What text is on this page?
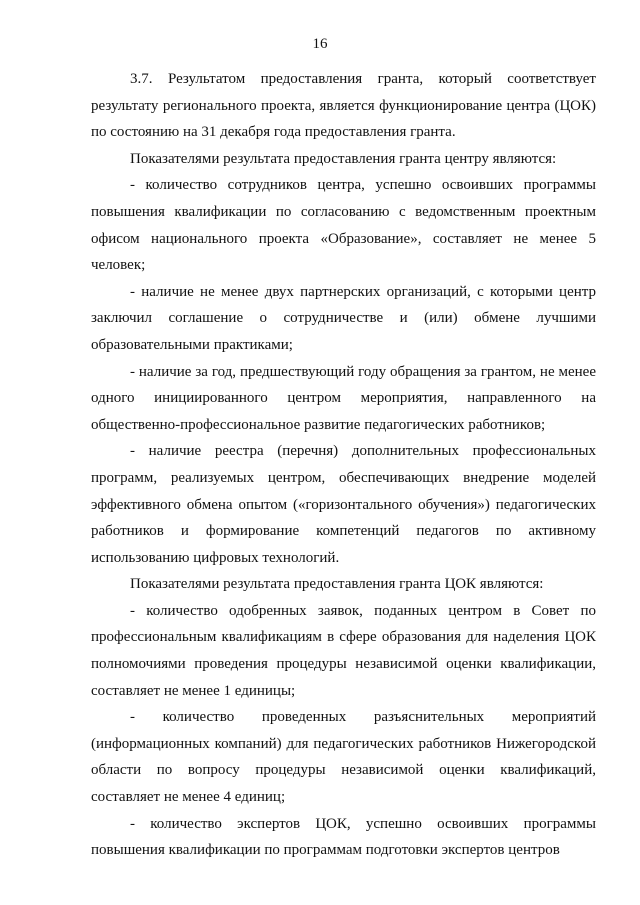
16

3.7. Результатом предоставления гранта, который соответствует результату регионального проекта, является функционирование центра (ЦОК) по состоянию на 31 декабря года предоставления гранта.

Показателями результата предоставления гранта центру являются:

- количество сотрудников центра, успешно освоивших программы повышения квалификации по согласованию с ведомственным проектным офисом национального проекта «Образование», составляет не менее 5 человек;

- наличие не менее двух партнерских организаций, с которыми центр заключил соглашение о сотрудничестве и (или) обмене лучшими образовательными практиками;

- наличие за год, предшествующий году обращения за грантом, не менее одного инициированного центром мероприятия, направленного на общественно-профессиональное развитие педагогических работников;

- наличие реестра (перечня) дополнительных профессиональных программ, реализуемых центром, обеспечивающих внедрение моделей эффективного обмена опытом («горизонтального обучения») педагогических работников и формирование компетенций педагогов по активному использованию цифровых технологий.

Показателями результата предоставления гранта ЦОК являются:

- количество одобренных заявок, поданных центром в Совет по профессиональным квалификациям в сфере образования для наделения ЦОК полномочиями проведения процедуры независимой оценки квалификации, составляет не менее 1 единицы;

- количество проведенных разъяснительных мероприятий (информационных компаний) для педагогических работников Нижегородской области по вопросу процедуры независимой оценки квалификаций, составляет не менее 4 единиц;

- количество экспертов ЦОК, успешно освоивших программы повышения квалификации по программам подготовки экспертов центров
